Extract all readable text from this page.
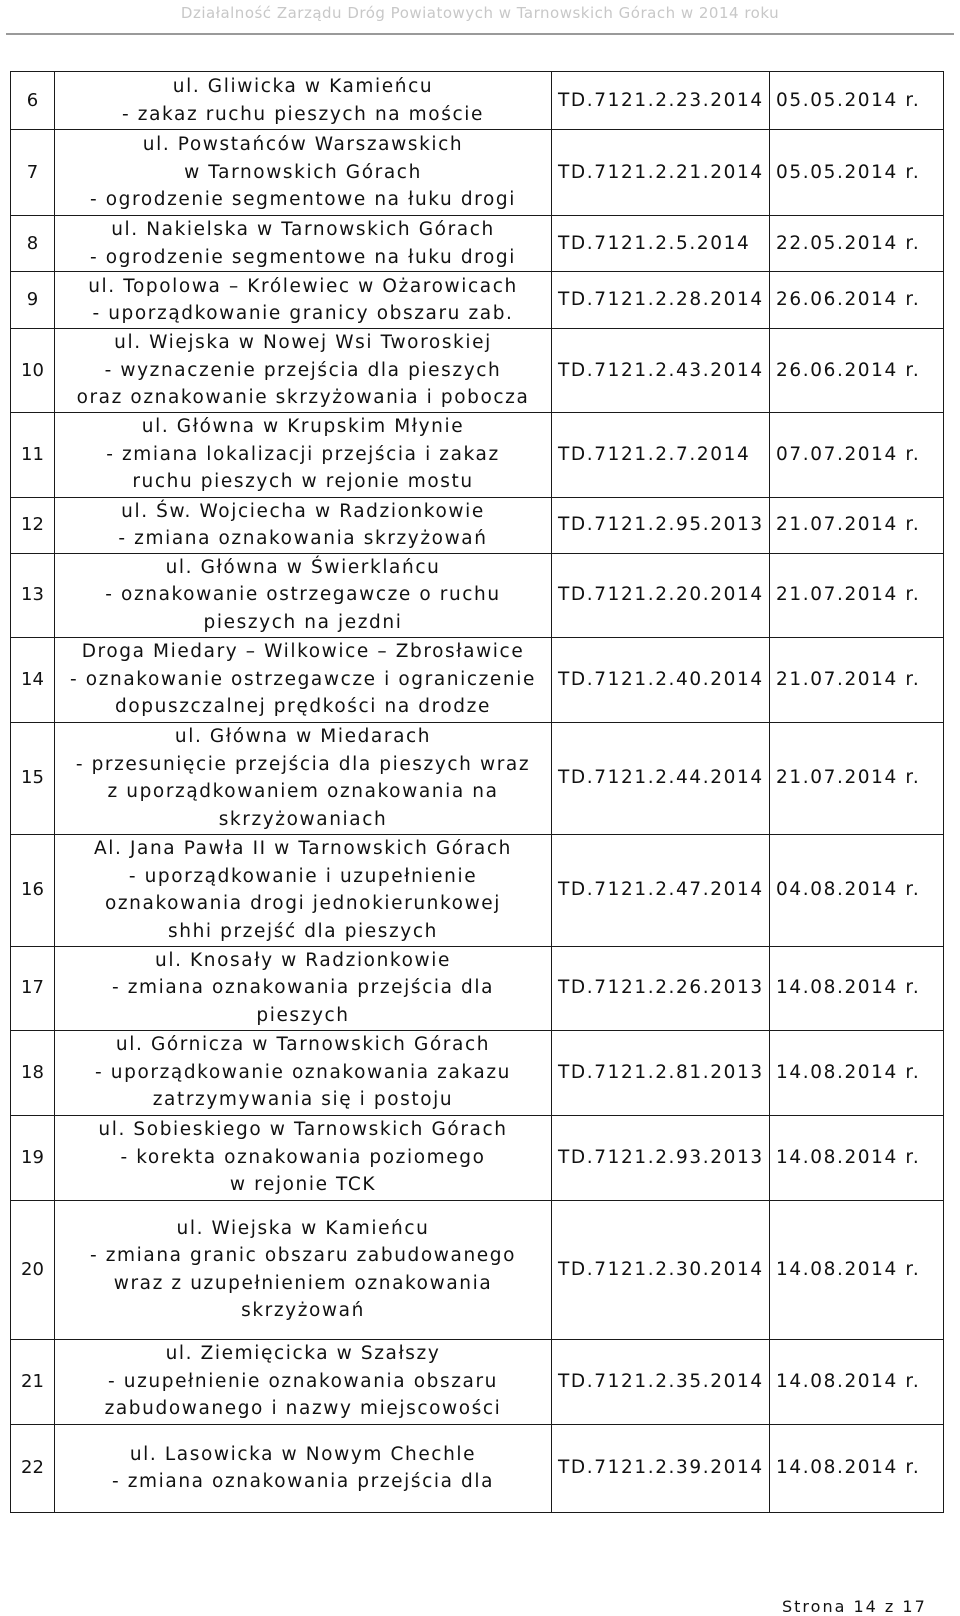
Działalność Zarządu Dróg Powiatowych w Tarnowskich Górach w 2014 roku
6	ul. Gliwicka w Kamieńcu
- zakaz ruchu pieszych na moście	TD.7121.2.23.2014	05.05.2014 r.
7	ul. Powstańców Warszawskich
w Tarnowskich Górach
- ogrodzenie segmentowe na łuku drogi	TD.7121.2.21.2014	05.05.2014 r.
8	ul. Nakielska w Tarnowskich Górach
- ogrodzenie segmentowe na łuku drogi	TD.7121.2.5.2014	22.05.2014 r.
9	ul. Topolowa – Królewiec w Ożarowicach
- uporządkowanie granicy obszaru zab.	TD.7121.2.28.2014	26.06.2014 r.
10	ul. Wiejska w Nowej Wsi Tworoskiej
- wyznaczenie przejścia dla pieszych
oraz oznakowanie skrzyżowania i pobocza	TD.7121.2.43.2014	26.06.2014 r.
11	ul. Główna w Krupskim Młynie
- zmiana lokalizacji przejścia i zakaz
ruchu pieszych w rejonie mostu	TD.7121.2.7.2014	07.07.2014 r.
12	ul. Św. Wojciecha w Radzionkowie
- zmiana oznakowania skrzyżowań	TD.7121.2.95.2013	21.07.2014 r.
13	ul. Główna w Świerklańcu
- oznakowanie ostrzegawcze o ruchu
pieszych na jezdni	TD.7121.2.20.2014	21.07.2014 r.
14	Droga Miedary – Wilkowice – Zbrosławice
- oznakowanie ostrzegawcze i ograniczenie
dopuszczalnej prędkości na drodze	TD.7121.2.40.2014	21.07.2014 r.
15	ul. Główna w Miedarach
- przesunięcie przejścia dla pieszych wraz
z uporządkowaniem oznakowania na
skrzyżowaniach	TD.7121.2.44.2014	21.07.2014 r.
16	Al. Jana Pawła II w Tarnowskich Górach
- uporządkowanie i uzupełnienie
oznakowania drogi jednokierunkowej
shhi przejść dla pieszych	TD.7121.2.47.2014	04.08.2014 r.
17	ul. Knosały w Radzionkowie
- zmiana oznakowania przejścia dla
pieszych	TD.7121.2.26.2013	14.08.2014 r.
18	ul. Górnicza w Tarnowskich Górach
- uporządkowanie oznakowania zakazu
zatrzymywania się i postoju	TD.7121.2.81.2013	14.08.2014 r.
19	ul. Sobieskiego w Tarnowskich Górach
- korekta oznakowania poziomego
w rejonie TCK	TD.7121.2.93.2013	14.08.2014 r.
20	ul. Wiejska w Kamieńcu
- zmiana granic obszaru zabudowanego
wraz z uzupełnieniem oznakowania
skrzyżowań	TD.7121.2.30.2014	14.08.2014 r.
21	ul. Ziemięcicka w Szałszy
- uzupełnienie oznakowania obszaru
zabudowanego i nazwy miejscowości	TD.7121.2.35.2014	14.08.2014 r.
22	ul. Lasowicka w Nowym Chechle
- zmiana oznakowania przejścia dla	TD.7121.2.39.2014	14.08.2014 r.
Strona 14 z 17
